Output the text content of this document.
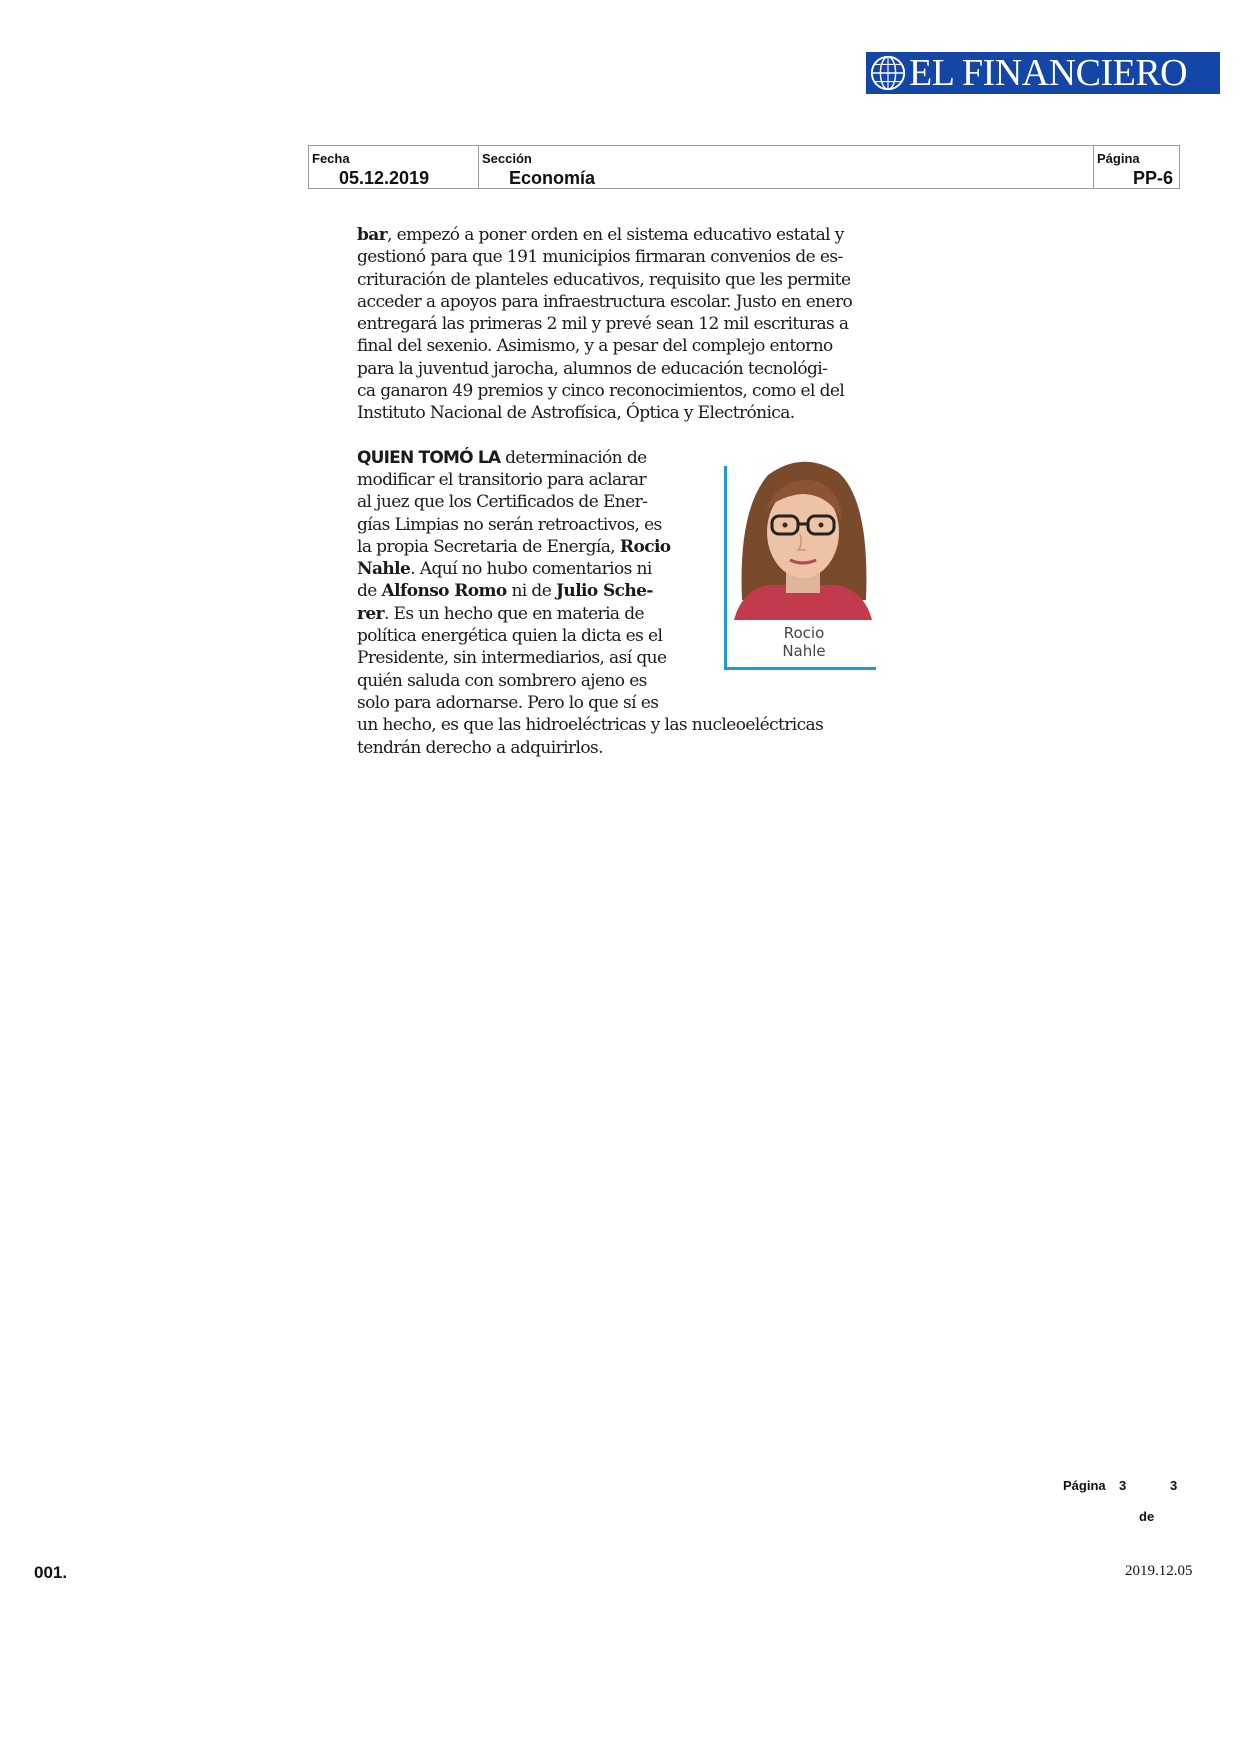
EL FINANCIERO
Fecha
05.12.2019
Sección
Economía
Página
PP-6

bar, empezó a poner orden en el sistema educativo estatal y
gestionó para que 191 municipios firmaran convenios de es-
crituración de planteles educativos, requisito que les permite
acceder a apoyos para infraestructura escolar. Justo en enero
entregará las primeras 2 mil y prevé sean 12 mil escrituras a
final del sexenio. Asimismo, y a pesar del complejo entorno
para la juventud jarocha, alumnos de educación tecnológi-
ca ganaron 49 premios y cinco reconocimientos, como el del
Instituto Nacional de Astrofísica, Óptica y Electrónica.

QUIEN TOMÓ LA determinación de
modificar el transitorio para aclarar
al juez que los Certificados de Ener-
gías Limpias no serán retroactivos, es
la propia Secretaria de Energía, Rocio
Nahle. Aquí no hubo comentarios ni
de Alfonso Romo ni de Julio Sche-
rer. Es un hecho que en materia de
política energética quien la dicta es el
Presidente, sin intermediarios, así que
quién saluda con sombrero ajeno es
solo para adornarse. Pero lo que sí es
un hecho, es que las hidroeléctricas y las nucleoeléctricas
tendrán derecho a adquirirlos.

Rocio
Nahle
Página 3	3
de
001.	2019.12.05
